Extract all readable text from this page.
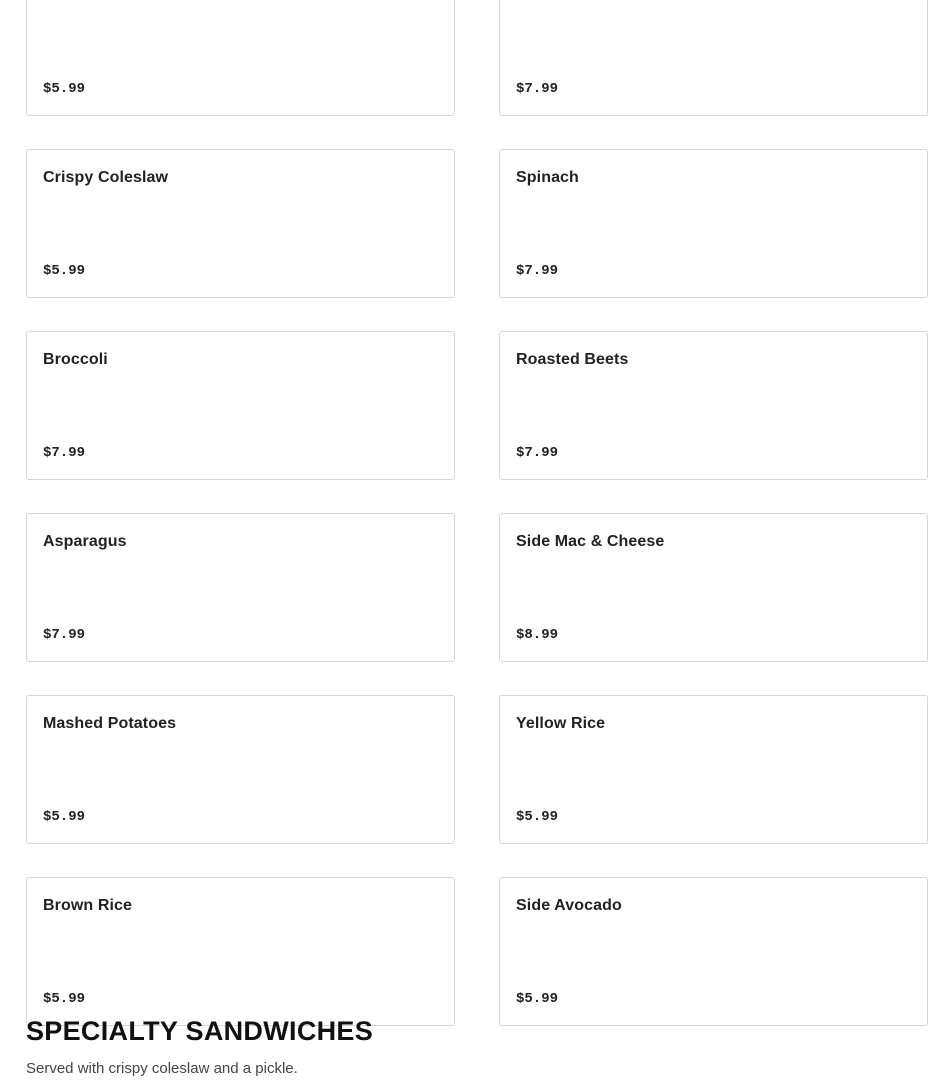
$5.99	$7.99
Crispy Coleslaw
$5.99
Spinach
$7.99
Broccoli
$7.99
Roasted Beets
$7.99
Asparagus
$7.99
Side Mac & Cheese
$8.99
Mashed Potatoes
$5.99
Yellow Rice
$5.99
Brown Rice
$5.99
Side Avocado
$5.99
SPECIALTY SANDWICHES

Served with crispy coleslaw and a pickle.
